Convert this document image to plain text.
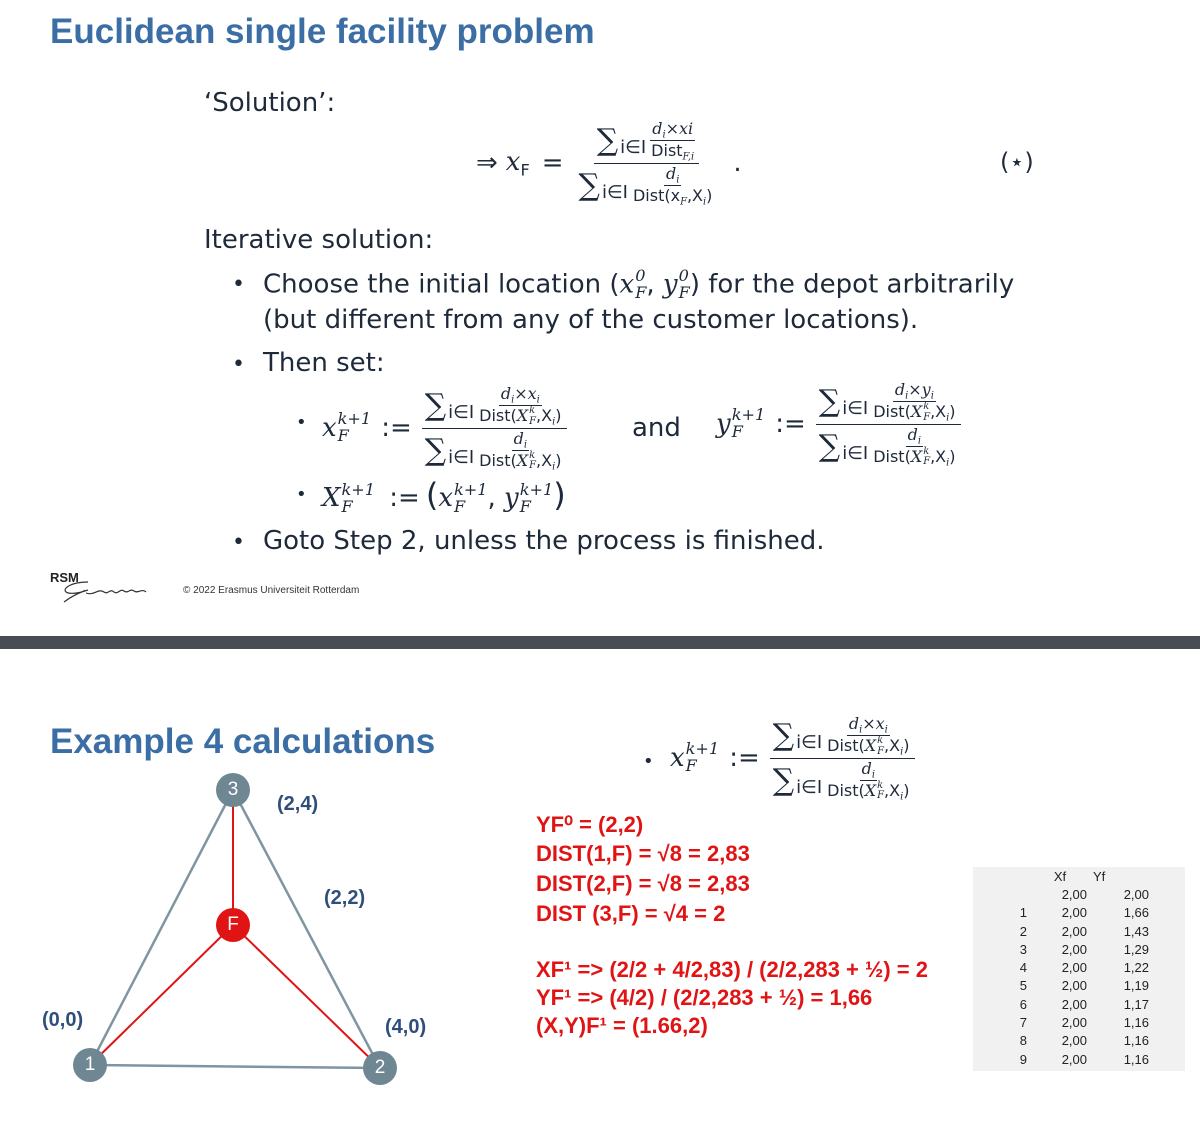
Euclidean single facility problem
‘Solution’:
⇒ $x_F$ = ∑ i∈I
$d_i\times xi$
Dist$_{F,i}$
∑ i∈I
$d_i$
$Dist(x_F,X_i)$ .	(⋆)
Iterative solution:
• Choose the initial location (x 0
F , y 0
F ) for the depot arbitrarily
(but different from any of the customer locations).
• Then set:
• x k+1
F	:= ∑ i∈I
$d_i\times x_i$
Dist(X k
F $,X_i$)
∑ i∈I
$d_i$
Dist(X k
F $,X_i$)	and y k+1
F	:= ∑ i∈I
$d_i\times y_i$
Dist(X k
F $,X_i$)
∑ i∈I
$d_i$
Dist(X k
F $,X_i$)
• X k+1
F	:= (x k+1
F , y k+1
F )
• Goto Step 2, unless the process is finished.
RSM
© 2022 Erasmus Universiteit Rotterdam
Example 4 calculations
1	2
3
F
(0,0)	(4,0)
(2,4)
(2,2)
• x k+1
F	:= ∑ i∈I
$d_i\times x_i$
Dist(X k
F $,X_i$)
∑ i∈I
$d_i$
Dist(X k
F $,X_i$)
YF⁰ = (2,2)
DIST(1,F) = √8 = 2,83
DIST(2,F) = √8 = 2,83
DIST (3,F) = √4 = 2
XF¹ => (2/2 + 4/2,83) / (2/2,283 + ½) = 2
YF¹ => (4/2) / (2/2,283 + ½) = 1,66
(X,Y)F¹ = (1.66,2)
	Xf	Yf
	2,00	2,00
1	2,00	1,66
2	2,00	1,43
3	2,00	1,29
4	2,00	1,22
5	2,00	1,19
6	2,00	1,17
7	2,00	1,16
8	2,00	1,16
9	2,00	1,16
